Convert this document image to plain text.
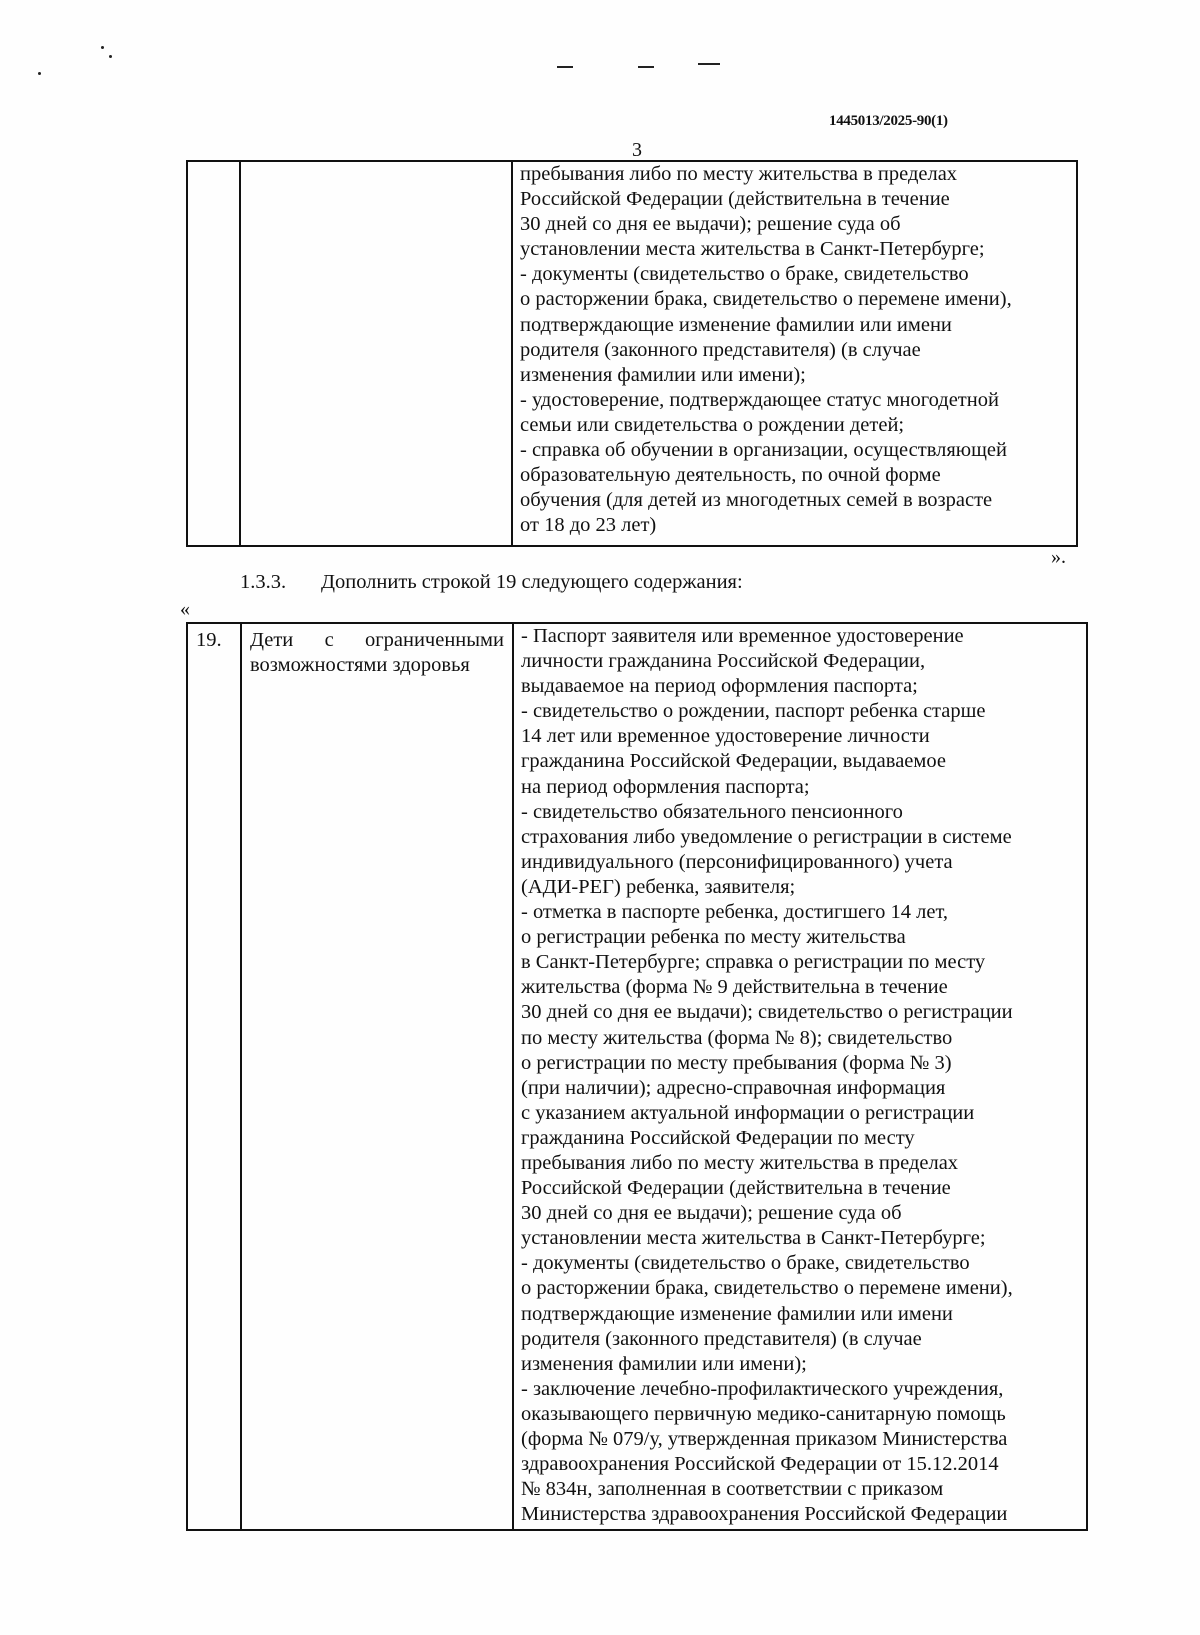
1445013/2025-90(1)
3

пребывания либо по месту жительства в пределах
Российской Федерации (действительна в течение
30 дней со дня ее выдачи); решение суда об
установлении места жительства в Санкт-Петербурге;
- документы (свидетельство о браке, свидетельство
о расторжении брака, свидетельство о перемене имени),
подтверждающие изменение фамилии или имени
родителя (законного представителя) (в случае
изменения фамилии или имени);
- удостоверение, подтверждающее статус многодетной
семьи или свидетельства о рождении детей;
- справка об обучении в организации, осуществляющей
образовательную деятельность, по очной форме
обучения (для детей из многодетных семей в возрасте
от 18 до 23 лет)
».
1.3.3. Дополнить строкой 19 следующего содержания:
«
19.	Дети с ограниченными возможностями здоровья	
- Паспорт заявителя или временное удостоверение
личности гражданина Российской Федерации,
выдаваемое на период оформления паспорта;
- свидетельство о рождении, паспорт ребенка старше
14 лет или временное удостоверение личности
гражданина Российской Федерации, выдаваемое
на период оформления паспорта;
- свидетельство обязательного пенсионного
страхования либо уведомление о регистрации в системе
индивидуального (персонифицированного) учета
(АДИ-РЕГ) ребенка, заявителя;
- отметка в паспорте ребенка, достигшего 14 лет,
о регистрации ребенка по месту жительства
в Санкт-Петербурге; справка о регистрации по месту
жительства (форма № 9 действительна в течение
30 дней со дня ее выдачи); свидетельство о регистрации
по месту жительства (форма № 8); свидетельство
о регистрации по месту пребывания (форма № 3)
(при наличии); адресно-справочная информация
с указанием актуальной информации о регистрации
гражданина Российской Федерации по месту
пребывания либо по месту жительства в пределах
Российской Федерации (действительна в течение
30 дней со дня ее выдачи); решение суда об
установлении места жительства в Санкт-Петербурге;
- документы (свидетельство о браке, свидетельство
о расторжении брака, свидетельство о перемене имени),
подтверждающие изменение фамилии или имени
родителя (законного представителя) (в случае
изменения фамилии или имени);
- заключение лечебно-профилактического учреждения,
оказывающего первичную медико-санитарную помощь
(форма № 079/у, утвержденная приказом Министерства
здравоохранения Российской Федерации от 15.12.2014
№ 834н, заполненная в соответствии с приказом
Министерства здравоохранения Российской Федерации
